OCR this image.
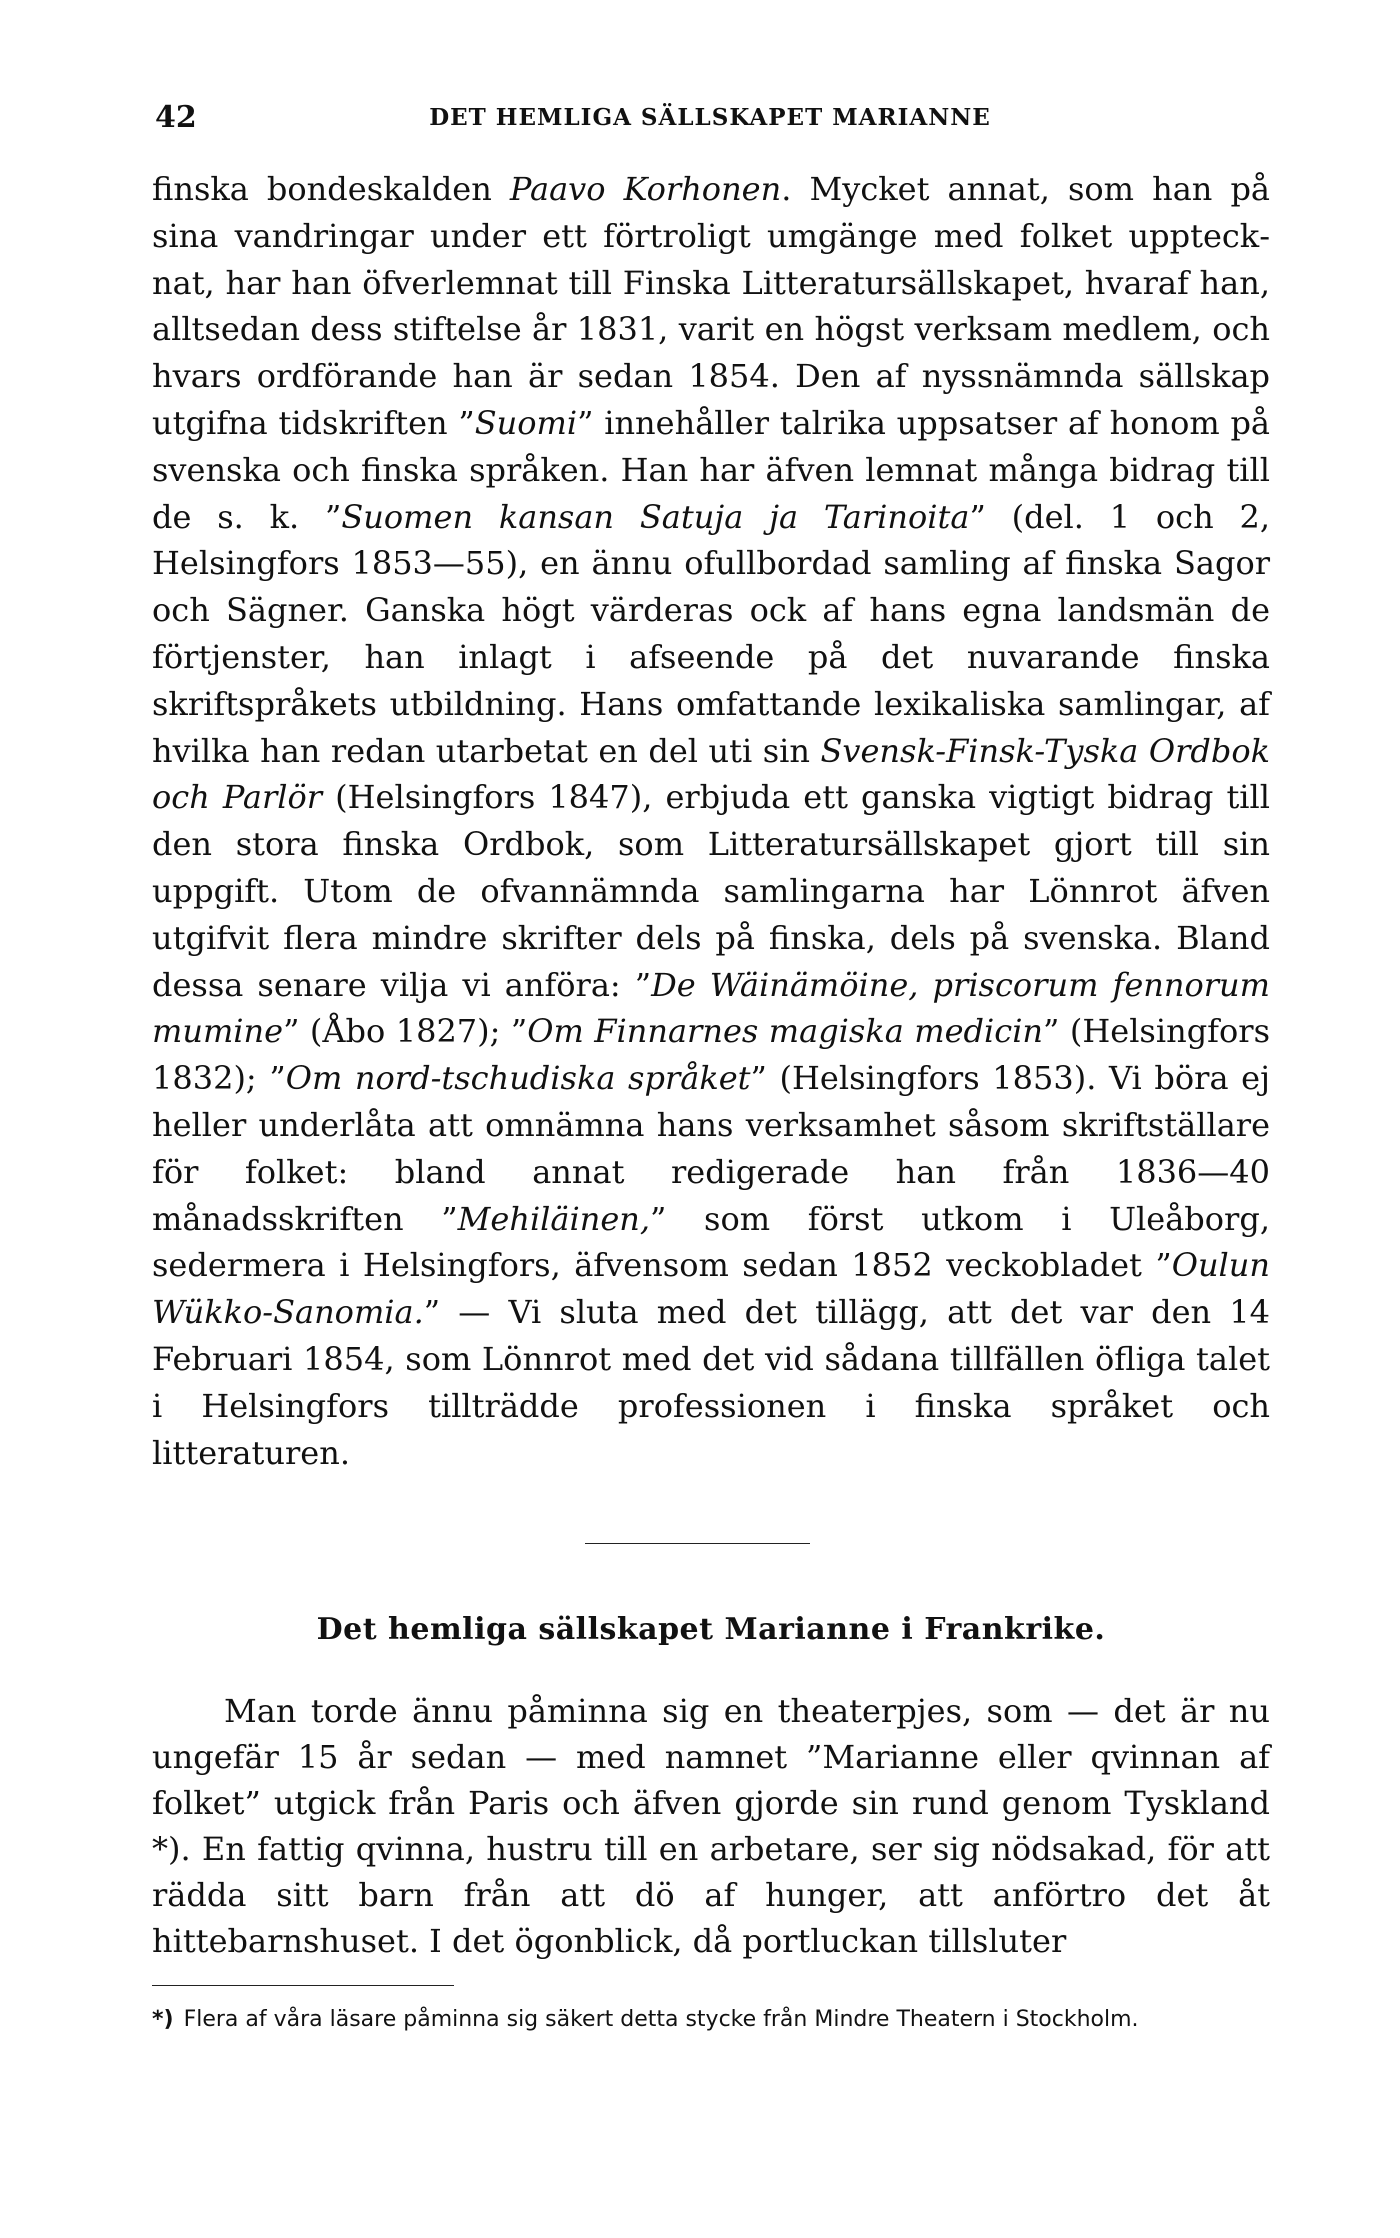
42	DET HEMLIGA SÄLLSKAPET MARIANNE

finska bondeskalden Paavo Korhonen. Mycket annat, som han på sina vandringar under ett förtroligt umgänge med folket upptecknat, har han öfverlemnat till Finska Litteratursällskapet, hvaraf han, alltsedan dess stiftelse år 1831, varit en högst verksam medlem, och hvars ordförande han är sedan 1854. Den af nyssnämnda sällskap utgifna tidskriften ”Suomi” innehåller talrika uppsatser af honom på svenska och finska språken. Han har äfven lemnat många bidrag till de s. k. ”Suomen kansan Satuja ja Tarinoita” (del. 1 och 2, Helsingfors 1853—55), en ännu ofullbordad samling af finska Sagor och Sägner. Ganska högt värderas ock af hans egna landsmän de förtjenster, han inlagt i afseende på det nuvarande finska skriftspråkets utbildning. Hans omfattande lexikaliska samlingar, af hvilka han redan utarbetat en del uti sin Svensk-Finsk-Tyska Ordbok och Parlör (Helsingfors 1847), erbjuda ett ganska vigtigt bidrag till den stora finska Ordbok, som Litteratursällskapet gjort till sin uppgift. Utom de ofvannämnda samlingarna har Lönnrot äfven utgifvit flera mindre skrifter dels på finska, dels på svenska. Bland dessa senare vilja vi anföra: ”De Wäinämöine, priscorum fennorum mumine” (Åbo 1827); ”Om Finnarnes magiska medicin” (Helsingfors 1832); ”Om nord-tschudiska språket” (Helsingfors 1853). Vi böra ej heller underlåta att omnämna hans verksamhet såsom skriftställare för folket: bland annat redigerade han från 1836—40 månadsskriften ”Mehiläinen,” som först utkom i Uleåborg, sedermera i Helsingfors, äfvensom sedan 1852 veckobladet ”Oulun Wükko-Sanomia.” — Vi sluta med det tillägg, att det var den 14 Februari 1854, som Lönnrot med det vid sådana tillfällen öfliga talet i Helsingfors tillträdde professionen i finska språket och litteraturen.

Det hemliga sällskapet Marianne i Frankrike.

Man torde ännu påminna sig en theaterpjes, som — det är nu ungefär 15 år sedan — med namnet ”Marianne eller qvinnan af folket” utgick från Paris och äfven gjorde sin rund genom Tyskland *). En fattig qvinna, hustru till en arbetare, ser sig nödsakad, för att rädda sitt barn från att dö af hunger, att anförtro det åt hittebarnshuset. I det ögonblick, då portluckan tillsluter

*) Flera af våra läsare påminna sig säkert detta stycke från Mindre Theatern i Stockholm.
